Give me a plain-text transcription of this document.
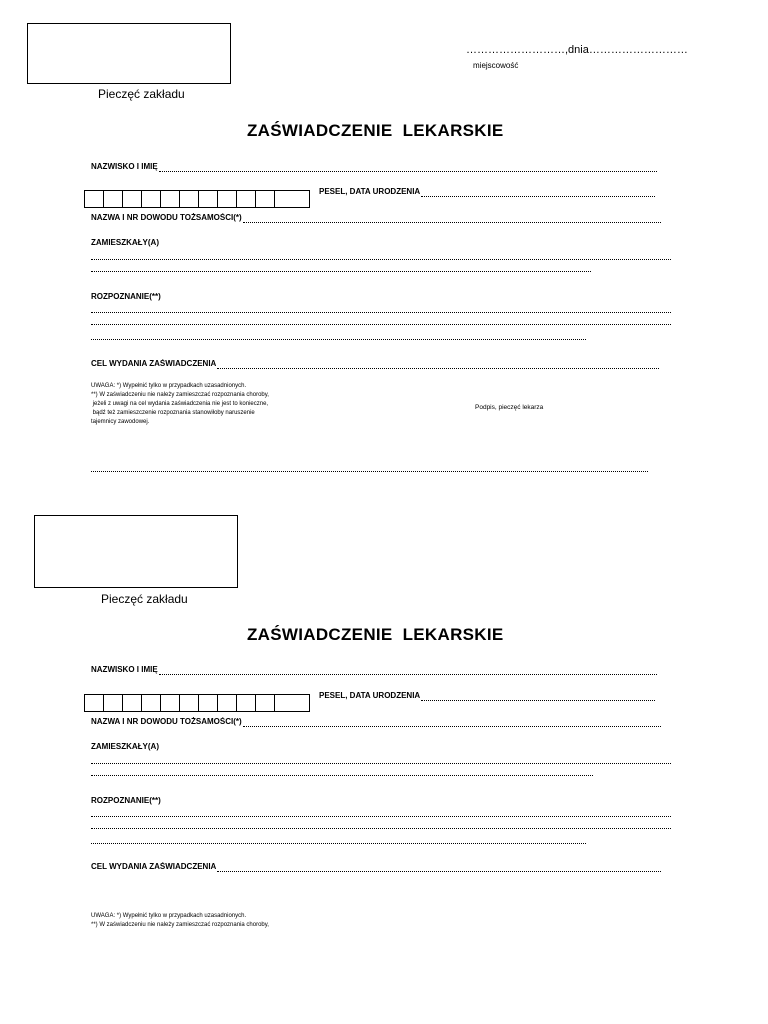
Pieczęć zakładu
………………………,dnia………………………
miejscowość
ZAŚWIADCZENIE  LEKARSKIE
NAZWISKO I IMIĘ
PESEL, DATA URODZENIA
NAZWA I NR DOWODU TOŻSAMOŚCI(*)
ZAMIESZKAŁY(A)
ROZPOZNANIE(**)
CEL WYDANIA ZAŚWIADCZENIA
UWAGA: *) Wypełnić tylko w przypadkach uzasadnionych.
**) W zaświadczeniu nie należy zamieszczać rozpoznania choroby,
jeżeli z uwagi na cel wydania zaświadczenia nie jest to konieczne,
bądź też zamieszczenie rozpoznania stanowiłoby naruszenie
tajemnicy zawodowej.
Podpis, pieczęć lekarza
Pieczęć zakładu
ZAŚWIADCZENIE  LEKARSKIE
NAZWISKO I IMIĘ
PESEL, DATA URODZENIA
NAZWA I NR DOWODU TOŻSAMOŚCI(*)
ZAMIESZKAŁY(A)
ROZPOZNANIE(**)
CEL WYDANIA ZAŚWIADCZENIA
UWAGA: *) Wypełnić tylko w przypadkach uzasadnionych.
**) W zaświadczeniu nie należy zamieszczać rozpoznania choroby,
